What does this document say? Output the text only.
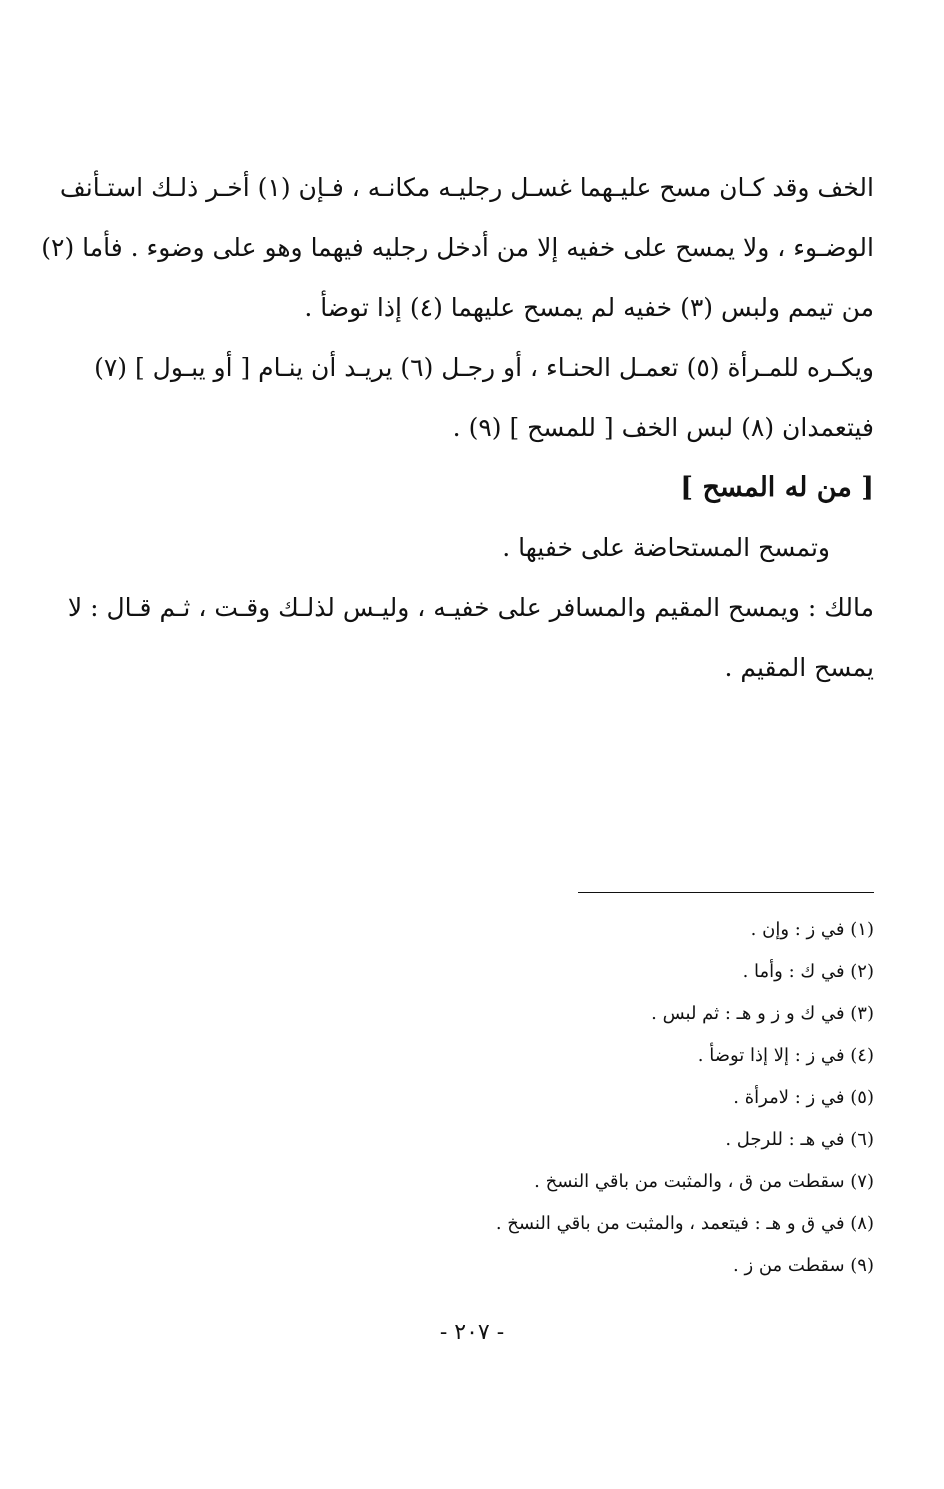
الخف وقد كـان مسح عليـهما غسـل رجليـه مكانـه ، فـإن (١) أخـر ذلـك استـأنف
الوضـوء ، ولا يمسح على خفيه إلا من أدخل رجليه فيهما وهو على وضوء . فأما (٢)
من تيمم ولبس (٣) خفيه لم يمسح عليهما (٤) إذا توضأ .
ويكـره للمـرأة (٥) تعمـل الحنـاء ، أو رجـل (٦) يريـد أن ينـام [ أو يبـول ] (٧)
فيتعمدان (٨) لبس الخف [ للمسح ] (٩) .
[ من له المسح ]
وتمسح المستحاضة على خفيها .
مالك : ويمسح المقيم والمسافر على خفيـه ، وليـس لذلـك وقـت ، ثـم قـال : لا
يمسح المقيم .
(١) في ز : وإن .
(٢) في ك : وأما .
(٣) في ك و ز و هـ : ثم لبس .
(٤) في ز : إلا إذا توضأ .
(٥) في ز : لامرأة .
(٦) في هـ : للرجل .
(٧) سقطت من ق ، والمثبت من باقي النسخ .
(٨) في ق و هـ : فيتعمد ، والمثبت من باقي النسخ .
(٩) سقطت من ز .
- ٢٠٧ -
